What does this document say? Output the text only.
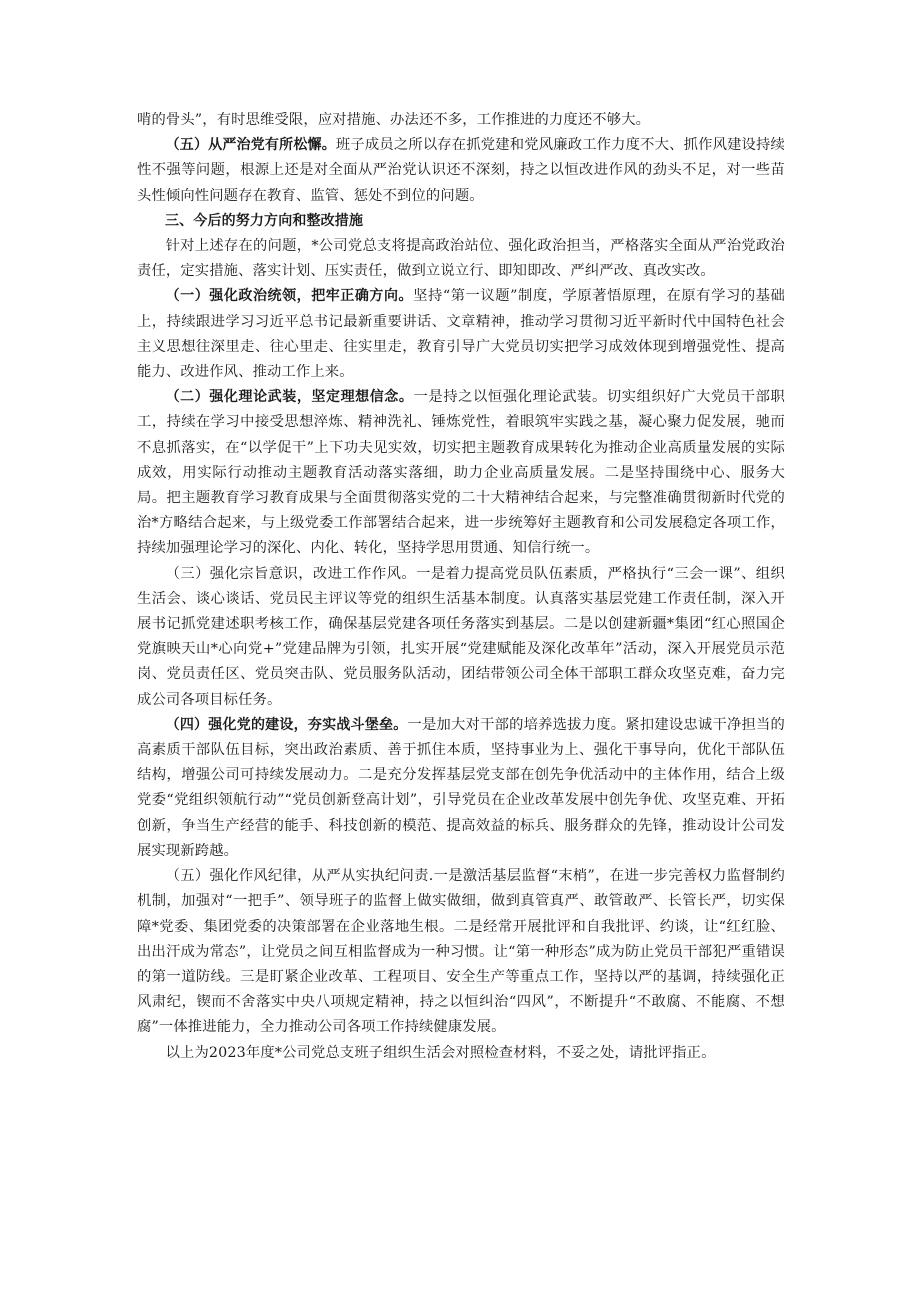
啃的骨头”，有时思维受限，应对措施、办法还不多，工作推进的力度还不够大。

（五）从严治党有所松懈。班子成员之所以存在抓党建和党风廉政工作力度不大、抓作风建设持续性不强等问题，根源上还是对全面从严治党认识还不深刻，持之以恒改进作风的劲头不足，对一些苗头性倾向性问题存在教育、监管、惩处不到位的问题。

三、今后的努力方向和整改措施

针对上述存在的问题，*公司党总支将提高政治站位、强化政治担当，严格落实全面从严治党政治责任，定实措施、落实计划、压实责任，做到立说立行、即知即改、严纠严改、真改实改。

（一）强化政治统领，把牢正确方向。坚持“第一议题”制度，学原著悟原理，在原有学习的基础上，持续跟进学习习近平总书记最新重要讲话、文章精神，推动学习贯彻习近平新时代中国特色社会主义思想往深里走、往心里走、往实里走，教育引导广大党员切实把学习成效体现到增强党性、提高能力、改进作风、推动工作上来。

（二）强化理论武装，坚定理想信念。一是持之以恒强化理论武装。切实组织好广大党员干部职工，持续在学习中接受思想淬炼、精神洗礼、锤炼党性，着眼筑牢实践之基，凝心聚力促发展，驰而不息抓落实，在“以学促干”上下功夫见实效，切实把主题教育成果转化为推动企业高质量发展的实际成效，用实际行动推动主题教育活动落实落细，助力企业高质量发展。二是坚持围绕中心、服务大局。把主题教育学习教育成果与全面贯彻落实党的二十大精神结合起来，与完整准确贯彻新时代党的治*方略结合起来，与上级党委工作部署结合起来，进一步统筹好主题教育和公司发展稳定各项工作，持续加强理论学习的深化、内化、转化，坚持学思用贯通、知信行统一。

（三）强化宗旨意识，改进工作作风。一是着力提高党员队伍素质，严格执行“三会一课”、组织生活会、谈心谈话、党员民主评议等党的组织生活基本制度。认真落实基层党建工作责任制，深入开展书记抓党建述职考核工作，确保基层党建各项任务落实到基层。二是以创建新疆*集团“红心照国企党旗映天山*心向党+”党建品牌为引领，扎实开展“党建赋能及深化改革年”活动，深入开展党员示范岗、党员责任区、党员突击队、党员服务队活动，团结带领公司全体干部职工群众攻坚克难，奋力完成公司各项目标任务。

（四）强化党的建设，夯实战斗堡垒。一是加大对干部的培养选拔力度。紧扣建设忠诚干净担当的高素质干部队伍目标，突出政治素质、善于抓住本质，坚持事业为上、强化干事导向，优化干部队伍结构，增强公司可持续发展动力。二是充分发挥基层党支部在创先争优活动中的主体作用，结合上级党委“党组织领航行动”“党员创新登高计划”，引导党员在企业改革发展中创先争优、攻坚克难、开拓创新，争当生产经营的能手、科技创新的模范、提高效益的标兵、服务群众的先锋，推动设计公司发展实现新跨越。

（五）强化作风纪律，从严从实执纪问责.一是激活基层监督“末梢”，在进一步完善权力监督制约机制，加强对“一把手”、领导班子的监督上做实做细，做到真管真严、敢管敢严、长管长严，切实保障*党委、集团党委的决策部署在企业落地生根。二是经常开展批评和自我批评、约谈，让“红红脸、出出汗成为常态”，让党员之间互相监督成为一种习惯。让“第一种形态”成为防止党员干部犯严重错误的第一道防线。三是盯紧企业改革、工程项目、安全生产等重点工作，坚持以严的基调，持续强化正风肃纪，锲而不舍落实中央八项规定精神，持之以恒纠治“四风”，不断提升“不敢腐、不能腐、不想腐”一体推进能力，全力推动公司各项工作持续健康发展。

以上为2023年度*公司党总支班子组织生活会对照检查材料，不妥之处，请批评指正。
